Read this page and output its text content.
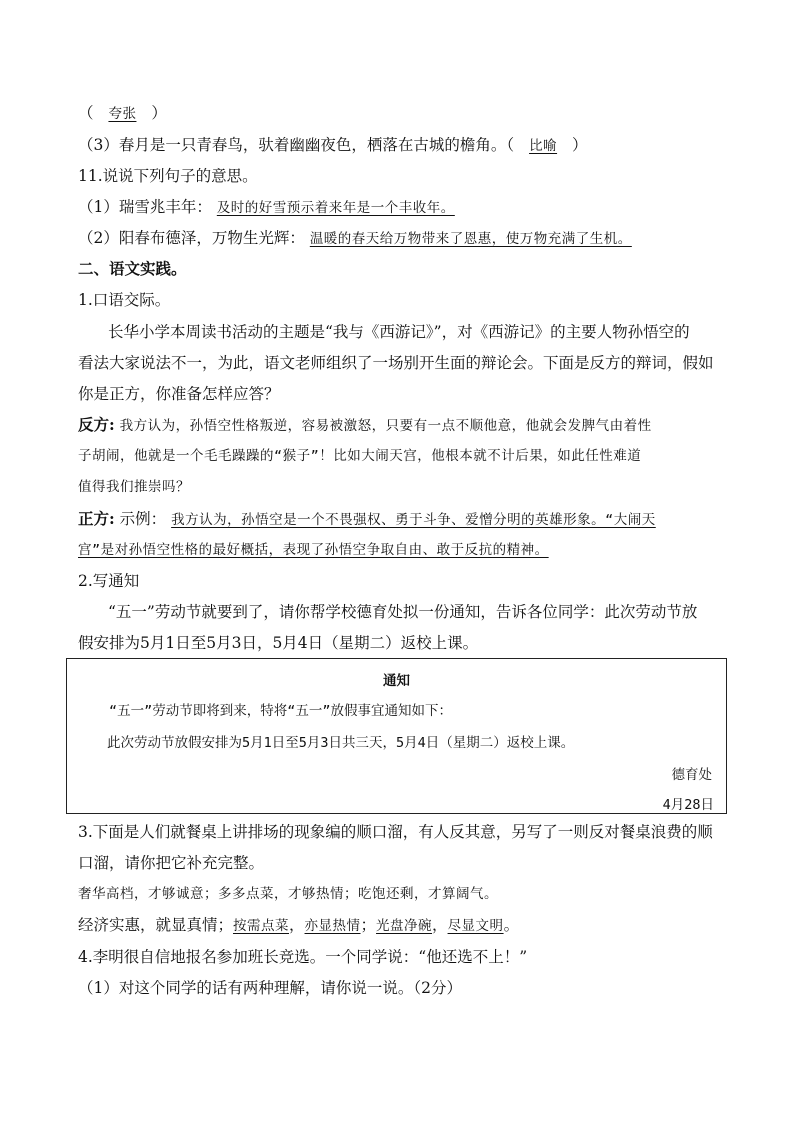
（ 夸张 ）
（3）春月是一只青春鸟，驮着幽幽夜色，栖落在古城的檐角。（ 比喻 ）
11.说说下列句子的意思。
（1）瑞雪兆丰年： 及时的好雪预示着来年是一个丰收年。
（2）阳春布德泽，万物生光辉： 温暖的春天给万物带来了恩惠，使万物充满了生机。
二、语文实践。
1.口语交际。
长华小学本周读书活动的主题是“我与《西游记》”，对《西游记》的主要人物孙悟空的
看法大家说法不一，为此，语文老师组织了一场别开生面的辩论会。下面是反方的辩词，假如
你是正方，你准备怎样应答？
反方: 我方认为，孙悟空性格叛逆，容易被激怒，只要有一点不顺他意，他就会发脾气由着性
子胡闹，他就是一个毛毛躁躁的“猴子”！比如大闹天宫，他根本就不计后果，如此任性难道
值得我们推崇吗？
正方: 示例： 我方认为，孙悟空是一个不畏强权、勇于斗争、爱憎分明的英雄形象。“大闹天
宫”是对孙悟空性格的最好概括，表现了孙悟空争取自由、敢于反抗的精神。
2.写通知
“五一”劳动节就要到了，请你帮学校德育处拟一份通知，告诉各位同学：此次劳动节放
假安排为5月1日至5月3日，5月4日（星期二）返校上课。
通知
“五一”劳动节即将到来，特将“五一”放假事宜通知如下：
此次劳动节放假安排为5月1日至5月3日共三天，5月4日（星期二）返校上课。
德育处
4月28日
3.下面是人们就餐桌上讲排场的现象编的顺口溜，有人反其意，另写了一则反对餐桌浪费的顺
口溜，请你把它补充完整。
奢华高档，才够诚意；多多点菜，才够热情；吃饱还剩，才算阔气。
经济实惠，就显真情；按需点菜，亦显热情；光盘净碗，尽显文明。
4.李明很自信地报名参加班长竞选。一个同学说：“他还选不上！”
（1）对这个同学的话有两种理解，请你说一说。（2分）
